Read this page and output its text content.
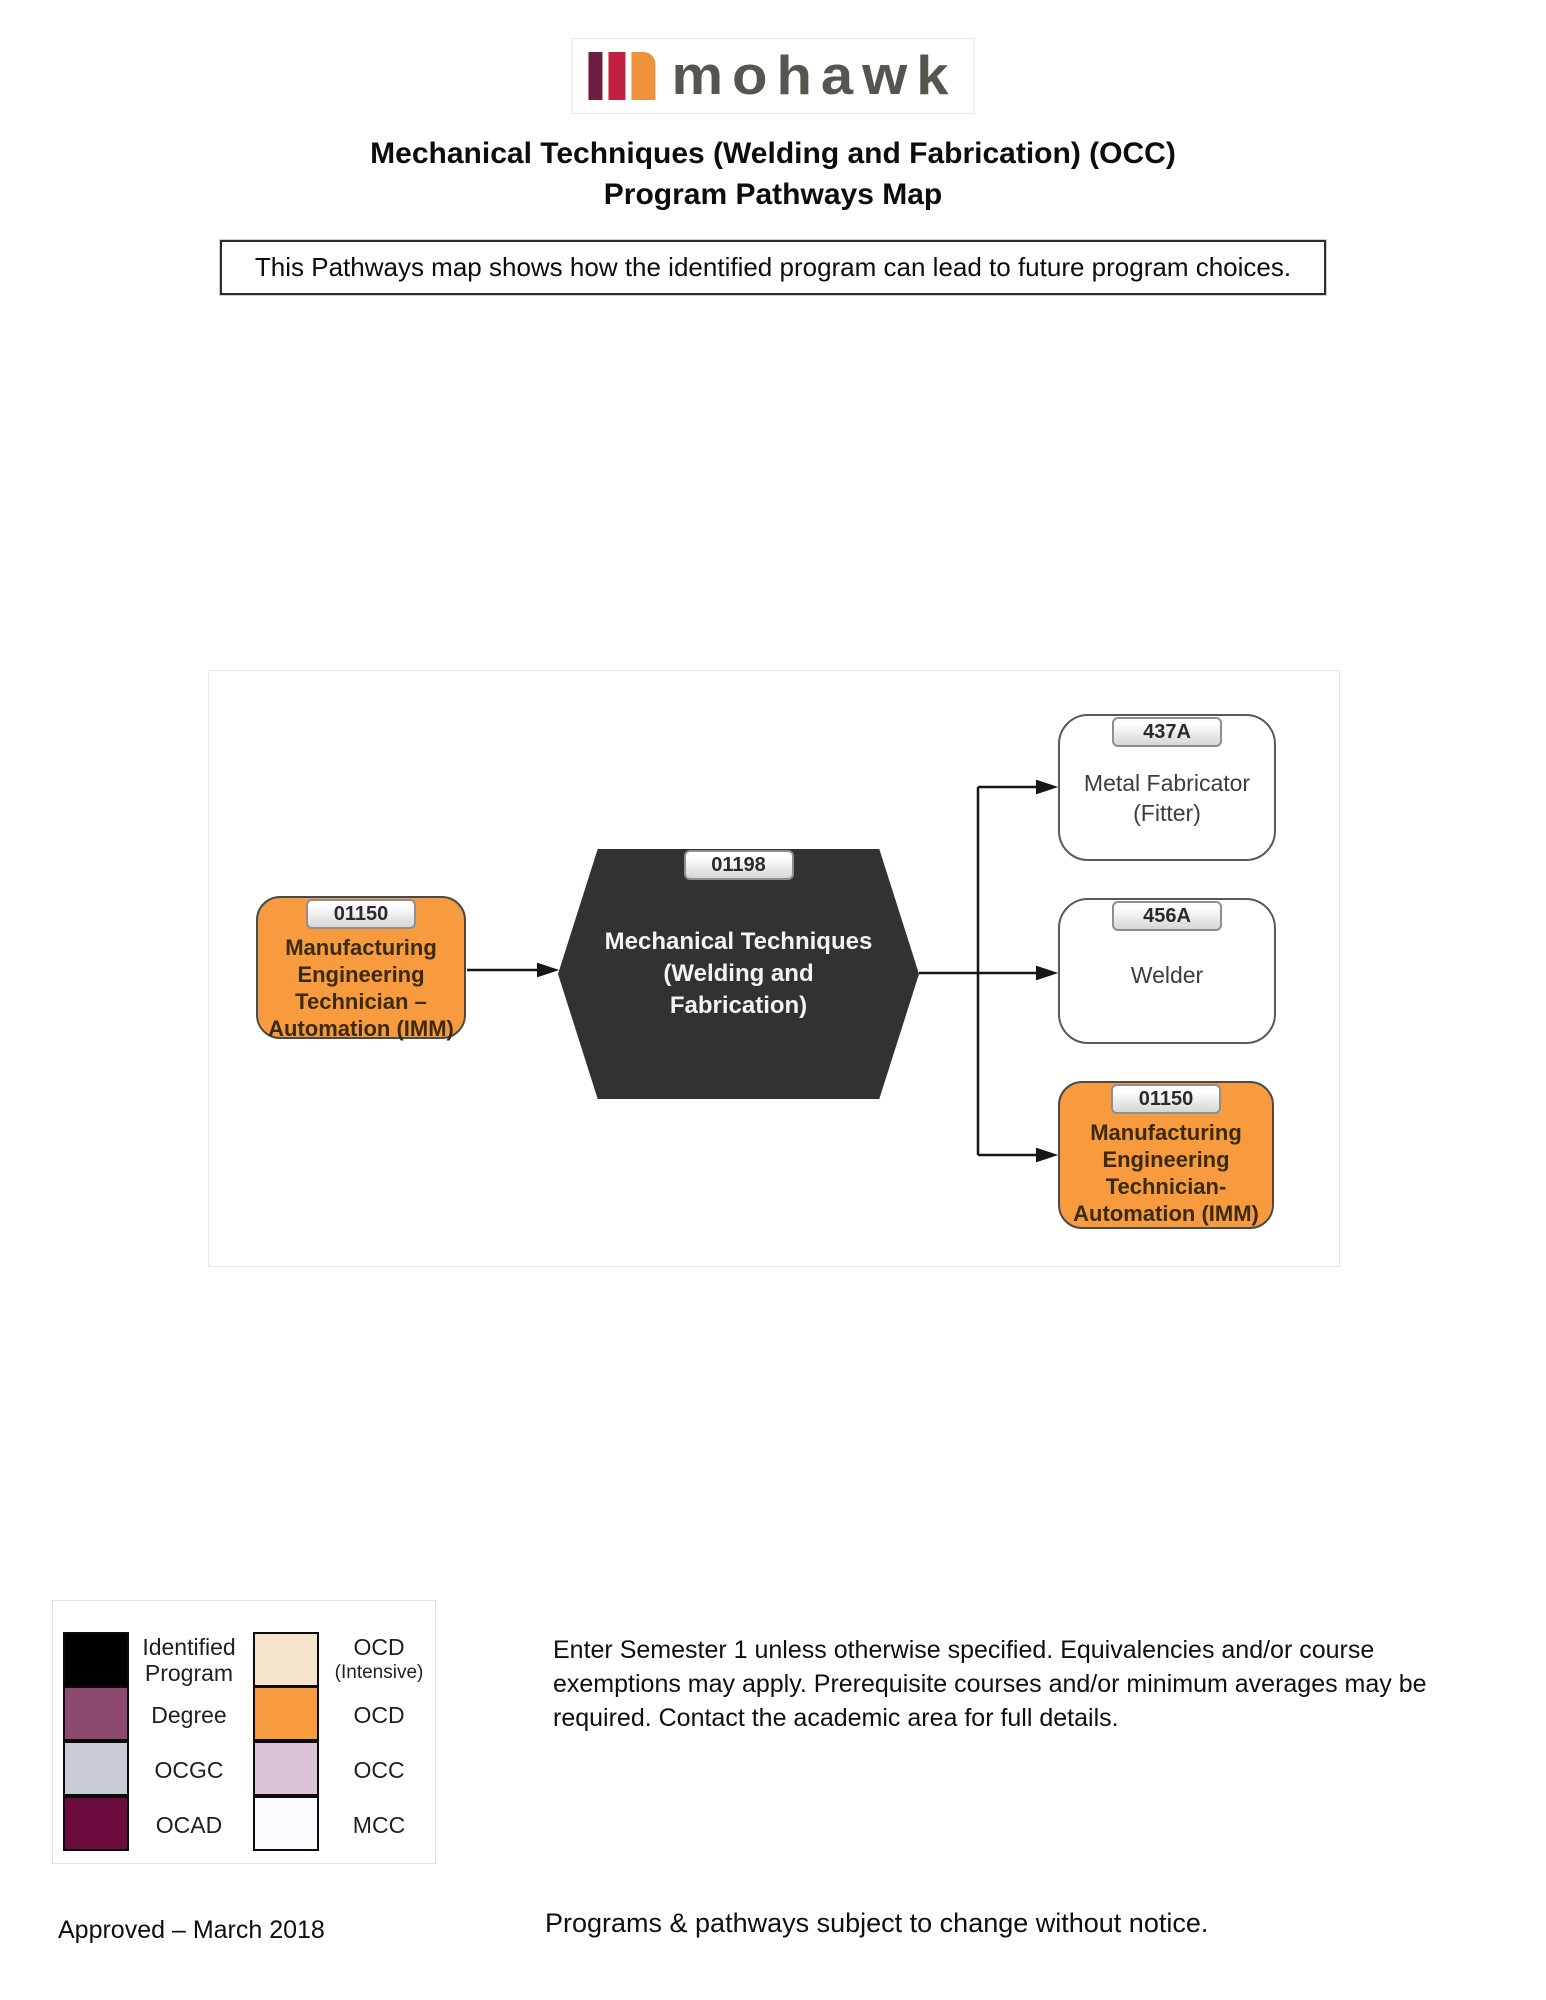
mohawk
Mechanical Techniques (Welding and Fabrication) (OCC)
Program Pathways Map
This Pathways map shows how the identified program can lead to future program choices.
01150
Manufacturing Engineering Technician – Automation (IMM)
01198
Mechanical Techniques (Welding and Fabrication)
437A
Metal Fabricator (Fitter)
456A
Welder
01150
Manufacturing Engineering Technician- Automation (IMM)
Identified Program
Degree
OCGC
OCAD
OCD
(Intensive)
OCD
OCC
MCC

Enter Semester 1 unless otherwise specified. Equivalencies and/or course exemptions may apply. Prerequisite courses and/or minimum averages may be required. Contact the academic area for full details.

Approved – March 2018	Programs & pathways subject to change without notice.
